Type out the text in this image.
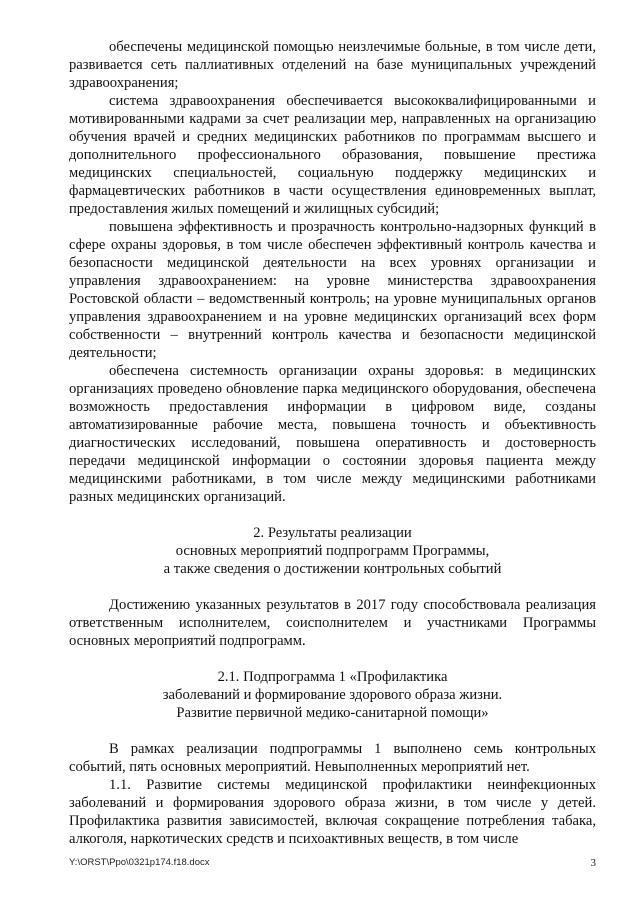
обеспечены медицинской помощью неизлечимые больные, в том числе дети, развивается сеть паллиативных отделений на базе муниципальных учреждений здравоохранения;

система здравоохранения обеспечивается высококвалифицированными и мотивированными кадрами за счет реализации мер, направленных на организацию обучения врачей и средних медицинских работников по программам высшего и дополнительного профессионального образования, повышение престижа медицинских специальностей, социальную поддержку медицинских и фармацевтических работников в части осуществления единовременных выплат, предоставления жилых помещений и жилищных субсидий;

повышена эффективность и прозрачность контрольно-надзорных функций в сфере охраны здоровья, в том числе обеспечен эффективный контроль качества и безопасности медицинской деятельности на всех уровнях организации и управления здравоохранением: на уровне министерства здравоохранения Ростовской области – ведомственный контроль; на уровне муниципальных органов управления здравоохранением и на уровне медицинских организаций всех форм собственности – внутренний контроль качества и безопасности медицинской деятельности;

обеспечена системность организации охраны здоровья: в медицинских организациях проведено обновление парка медицинского оборудования, обеспечена возможность предоставления информации в цифровом виде, созданы автоматизированные рабочие места, повышена точность и объективность диагностических исследований, повышена оперативность и достоверность передачи медицинской информации о состоянии здоровья пациента между медицинскими работниками, в том числе между медицинскими работниками разных медицинских организаций.

2. Результаты реализации

основных мероприятий подпрограмм Программы,

а также сведения о достижении контрольных событий

Достижению указанных результатов в 2017 году способствовала реализация ответственным исполнителем, соисполнителем и участниками Программы основных мероприятий подпрограмм.

2.1. Подпрограмма 1 «Профилактика

заболеваний и формирование здорового образа жизни.

Развитие первичной медико-санитарной помощи»

В рамках реализации подпрограммы 1 выполнено семь контрольных событий, пять основных мероприятий. Невыполненных мероприятий нет.

1.1. Развитие системы медицинской профилактики неинфекционных заболеваний и формирования здорового образа жизни, в том числе у детей. Профилактика развития зависимостей, включая сокращение потребления табака, алкоголя, наркотических средств и психоактивных веществ, в том числе

Y:\ORST\Ppo\0321p174.f18.docx	3
